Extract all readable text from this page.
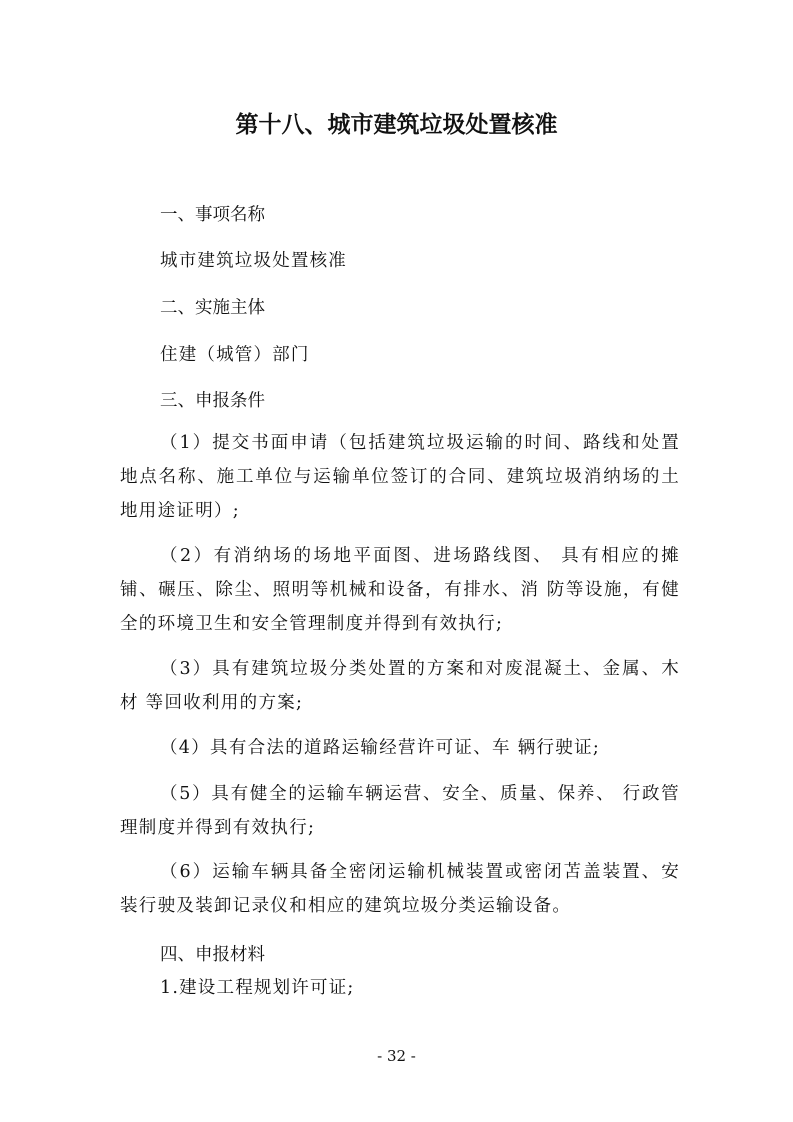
第十八、城市建筑垃圾处置核准
一、事项名称

城市建筑垃圾处置核准

二、实施主体

住建（城管）部门

三、申报条件

（1）提交书面申请（包括建筑垃圾运输的时间、路线和处置地点名称、施工单位与运输单位签订的合同、建筑垃圾消纳场的土地用途证明）;

（2）有消纳场的场地平面图、进场路线图、 具有相应的摊铺、碾压、除尘、照明等机械和设备，有排水、消 防等设施，有健全的环境卫生和安全管理制度并得到有效执行;

（3）具有建筑垃圾分类处置的方案和对废混凝土、金属、木材 等回收利用的方案;

（4）具有合法的道路运输经营许可证、车 辆行驶证;

（5）具有健全的运输车辆运营、安全、质量、保养、 行政管理制度并得到有效执行;

（6）运输车辆具备全密闭运输机械装置或密闭苫盖装置、安装行驶及装卸记录仪和相应的建筑垃圾分类运输设备。

四、申报材料

1.建设工程规划许可证;

- 32 -
